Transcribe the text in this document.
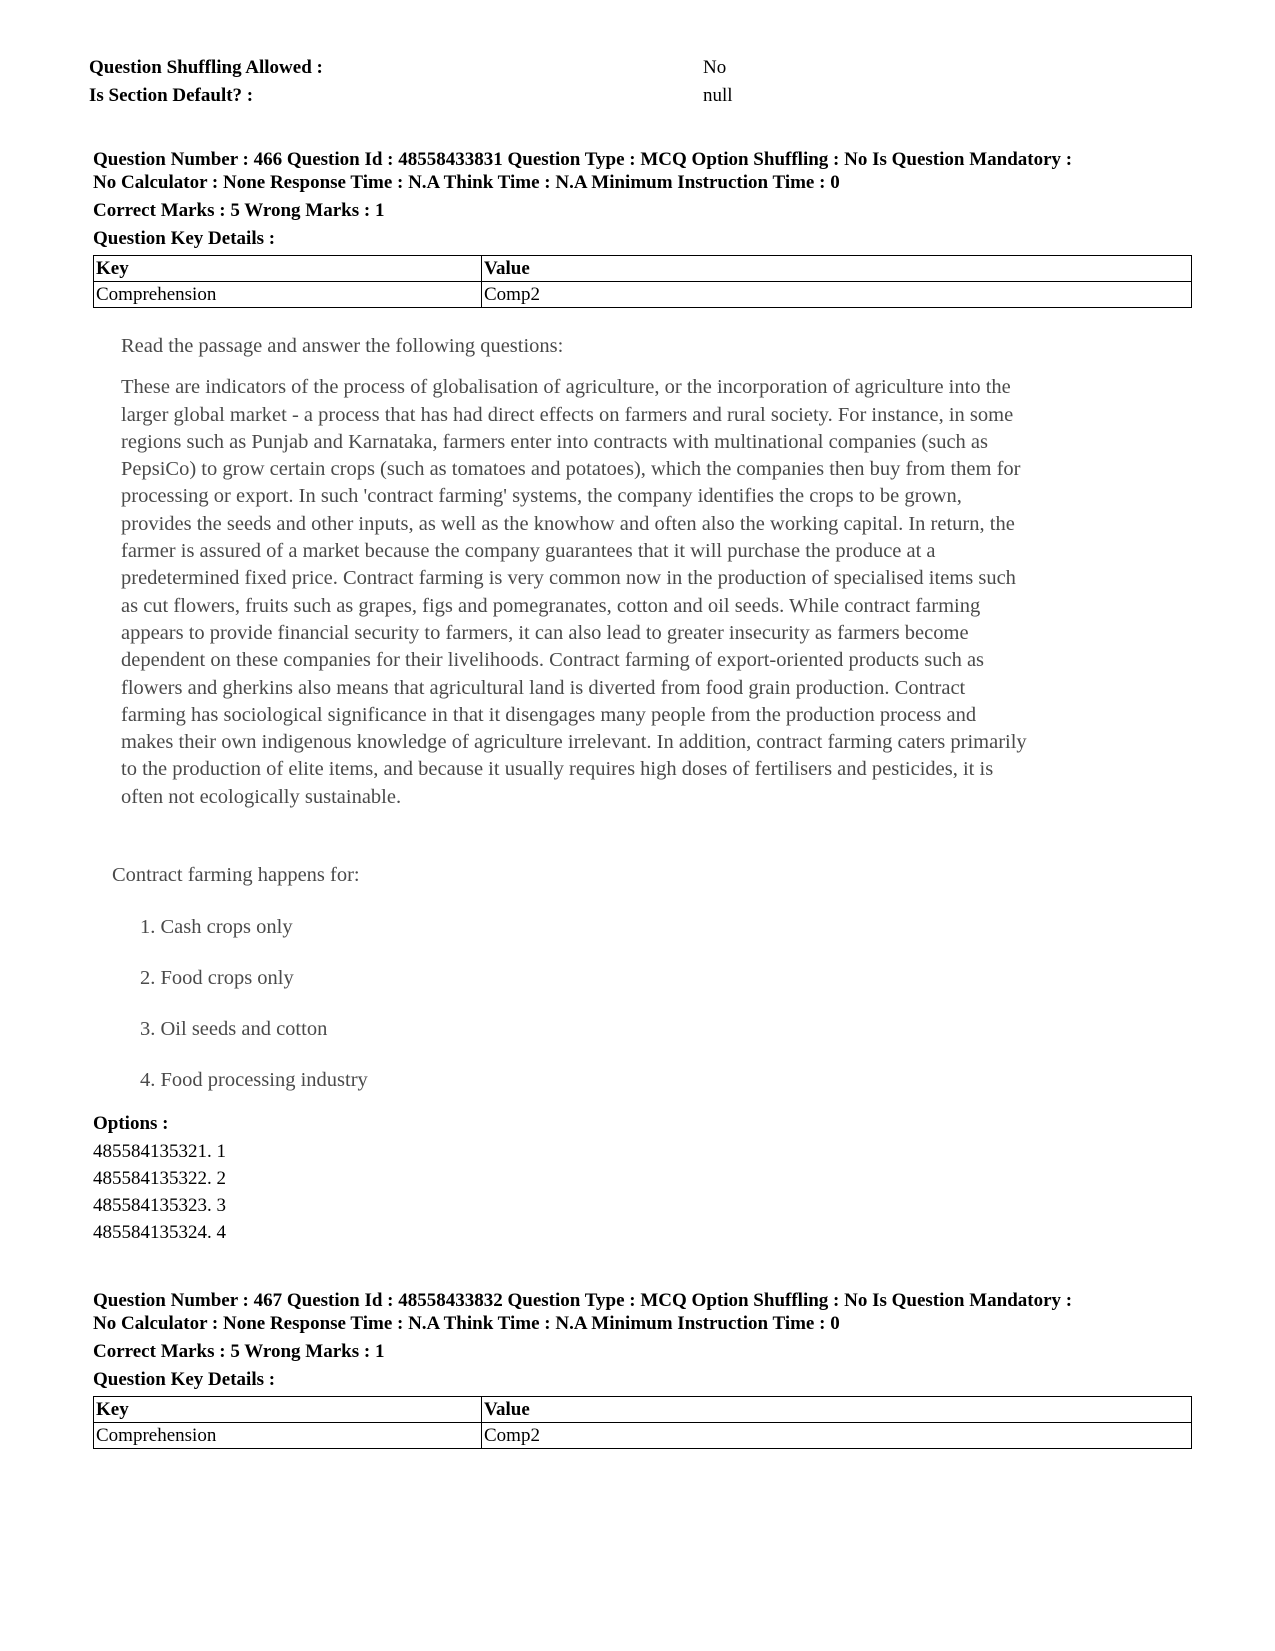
Question Shuffling Allowed :	No
Is Section Default? :	null

Question Number : 466 Question Id : 48558433831 Question Type : MCQ Option Shuffling : No Is Question Mandatory :

No Calculator : None Response Time : N.A Think Time : N.A Minimum Instruction Time : 0

Correct Marks : 5 Wrong Marks : 1

Question Key Details :

Key	Value
Comprehension	Comp2

Read the passage and answer the following questions:

These are indicators of the process of globalisation of agriculture, or the incorporation of agriculture into the
larger global market - a process that has had direct effects on farmers and rural society. For instance, in some
regions such as Punjab and Karnataka, farmers enter into contracts with multinational companies (such as
PepsiCo) to grow certain crops (such as tomatoes and potatoes), which the companies then buy from them for
processing or export. In such 'contract farming' systems, the company identifies the crops to be grown,
provides the seeds and other inputs, as well as the knowhow and often also the working capital. In return, the
farmer is assured of a market because the company guarantees that it will purchase the produce at a
predetermined fixed price. Contract farming is very common now in the production of specialised items such
as cut flowers, fruits such as grapes, figs and pomegranates, cotton and oil seeds. While contract farming
appears to provide financial security to farmers, it can also lead to greater insecurity as farmers become
dependent on these companies for their livelihoods. Contract farming of export-oriented products such as
flowers and gherkins also means that agricultural land is diverted from food grain production. Contract
farming has sociological significance in that it disengages many people from the production process and
makes their own indigenous knowledge of agriculture irrelevant. In addition, contract farming caters primarily
to the production of elite items, and because it usually requires high doses of fertilisers and pesticides, it is
often not ecologically sustainable.
Contract farming happens for:
1. Cash crops only
2. Food crops only
3. Oil seeds and cotton
4. Food processing industry
Options :
485584135321. 1
485584135322. 2
485584135323. 3
485584135324. 4

Question Number : 467 Question Id : 48558433832 Question Type : MCQ Option Shuffling : No Is Question Mandatory :

No Calculator : None Response Time : N.A Think Time : N.A Minimum Instruction Time : 0

Correct Marks : 5 Wrong Marks : 1

Question Key Details :

Key	Value
Comprehension	Comp2
